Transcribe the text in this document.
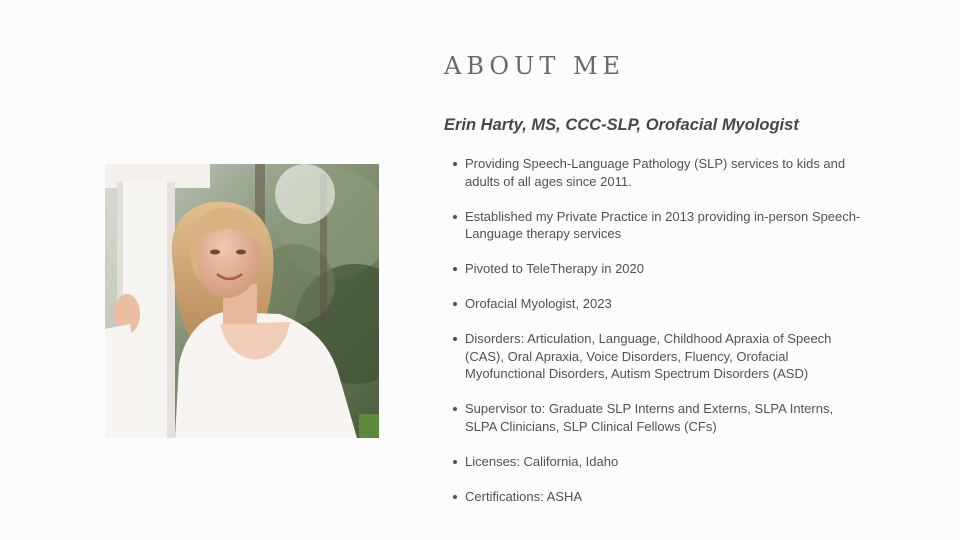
ABOUT ME
Erin Harty, MS, CCC-SLP, Orofacial Myologist
Providing Speech-Language Pathology (SLP) services to kids and adults of all ages since 2011.
Established my Private Practice in 2013 providing in-person Speech-Language therapy services
Pivoted to TeleTherapy in 2020
Orofacial Myologist, 2023
Disorders: Articulation, Language, Childhood Apraxia of Speech (CAS), Oral Apraxia, Voice Disorders, Fluency, Orofacial Myofunctional Disorders, Autism Spectrum Disorders (ASD)
Supervisor to: Graduate SLP Interns and Externs, SLPA Interns, SLPA Clinicians, SLP Clinical Fellows (CFs)
Licenses: California, Idaho
Certifications: ASHA
